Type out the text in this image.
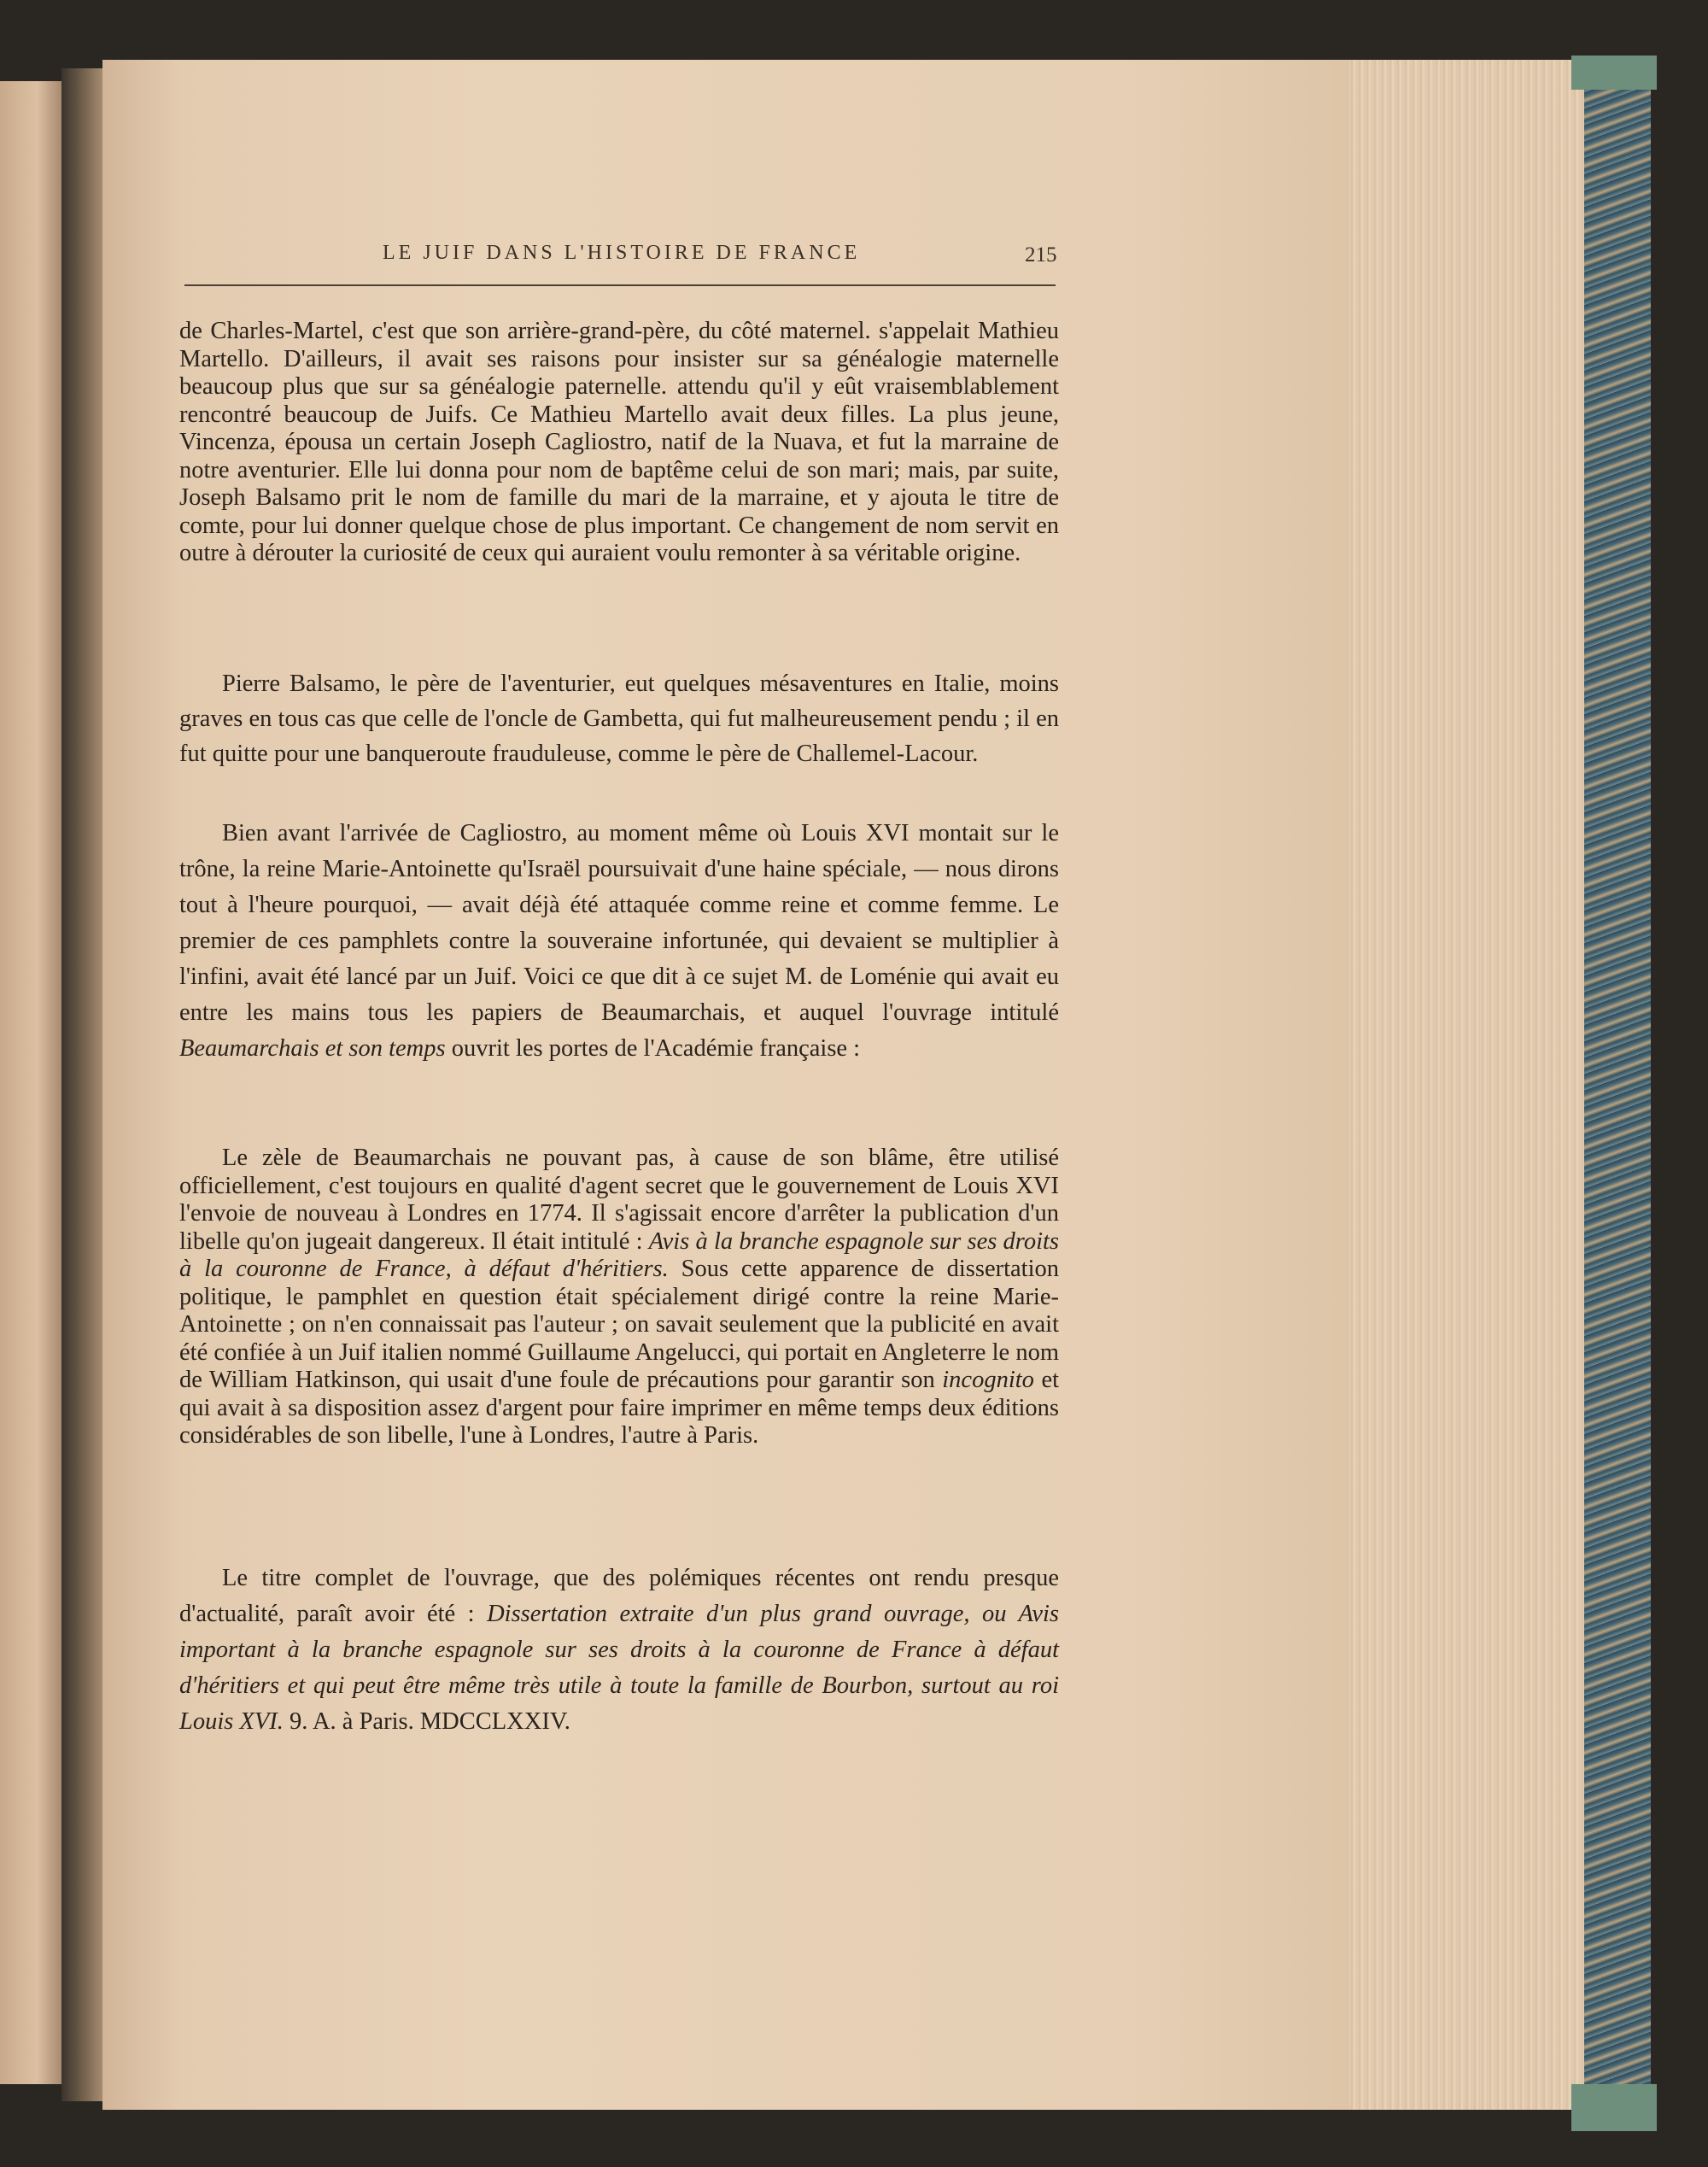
LE JUIF DANS L'HISTOIRE DE FRANCE	215

de Charles-Martel, c'est que son arrière-grand-père, du côté maternel. s'appelait Mathieu Martello. D'ailleurs, il avait ses raisons pour insister sur sa généalogie maternelle beaucoup plus que sur sa généalogie paternelle. attendu qu'il y eût vraisemblablement rencontré beaucoup de Juifs. Ce Mathieu Martello avait deux filles. La plus jeune, Vincenza, épousa un certain Joseph Cagliostro, natif de la Nuava, et fut la marraine de notre aventurier. Elle lui donna pour nom de baptême celui de son mari; mais, par suite, Joseph Balsamo prit le nom de famille du mari de la marraine, et y ajouta le titre de comte, pour lui donner quelque chose de plus important. Ce changement de nom servit en outre à dérouter la curiosité de ceux qui auraient voulu remonter à sa véritable origine.

Pierre Balsamo, le père de l'aventurier, eut quelques mésaventures en Italie, moins graves en tous cas que celle de l'oncle de Gambetta, qui fut malheureusement pendu ; il en fut quitte pour une banqueroute frauduleuse, comme le père de Challemel-Lacour.

Bien avant l'arrivée de Cagliostro, au moment même où Louis XVI montait sur le trône, la reine Marie-Antoinette qu'Israël poursuivait d'une haine spéciale, — nous dirons tout à l'heure pourquoi, — avait déjà été attaquée comme reine et comme femme. Le premier de ces pamphlets contre la souveraine infortunée, qui devaient se multiplier à l'infini, avait été lancé par un Juif. Voici ce que dit à ce sujet M. de Loménie qui avait eu entre les mains tous les papiers de Beaumarchais, et auquel l'ouvrage intitulé Beaumarchais et son temps ouvrit les portes de l'Académie française :

Le zèle de Beaumarchais ne pouvant pas, à cause de son blâme, être utilisé officiellement, c'est toujours en qualité d'agent secret que le gouvernement de Louis XVI l'envoie de nouveau à Londres en 1774. Il s'agissait encore d'arrêter la publication d'un libelle qu'on jugeait dangereux. Il était intitulé : Avis à la branche espagnole sur ses droits à la couronne de France, à défaut d'héritiers. Sous cette apparence de dissertation politique, le pamphlet en question était spécialement dirigé contre la reine Marie-Antoinette ; on n'en connaissait pas l'auteur ; on savait seulement que la publicité en avait été confiée à un Juif italien nommé Guillaume Angelucci, qui portait en Angleterre le nom de William Hatkinson, qui usait d'une foule de précautions pour garantir son incognito et qui avait à sa disposition assez d'argent pour faire imprimer en même temps deux éditions considérables de son libelle, l'une à Londres, l'autre à Paris.

Le titre complet de l'ouvrage, que des polémiques récentes ont rendu presque d'actualité, paraît avoir été : Dissertation extraite d'un plus grand ouvrage, ou Avis important à la branche espagnole sur ses droits à la couronne de France à défaut d'héritiers et qui peut être même très utile à toute la famille de Bourbon, surtout au roi Louis XVI. 9. A. à Paris. MDCCLXXIV.
